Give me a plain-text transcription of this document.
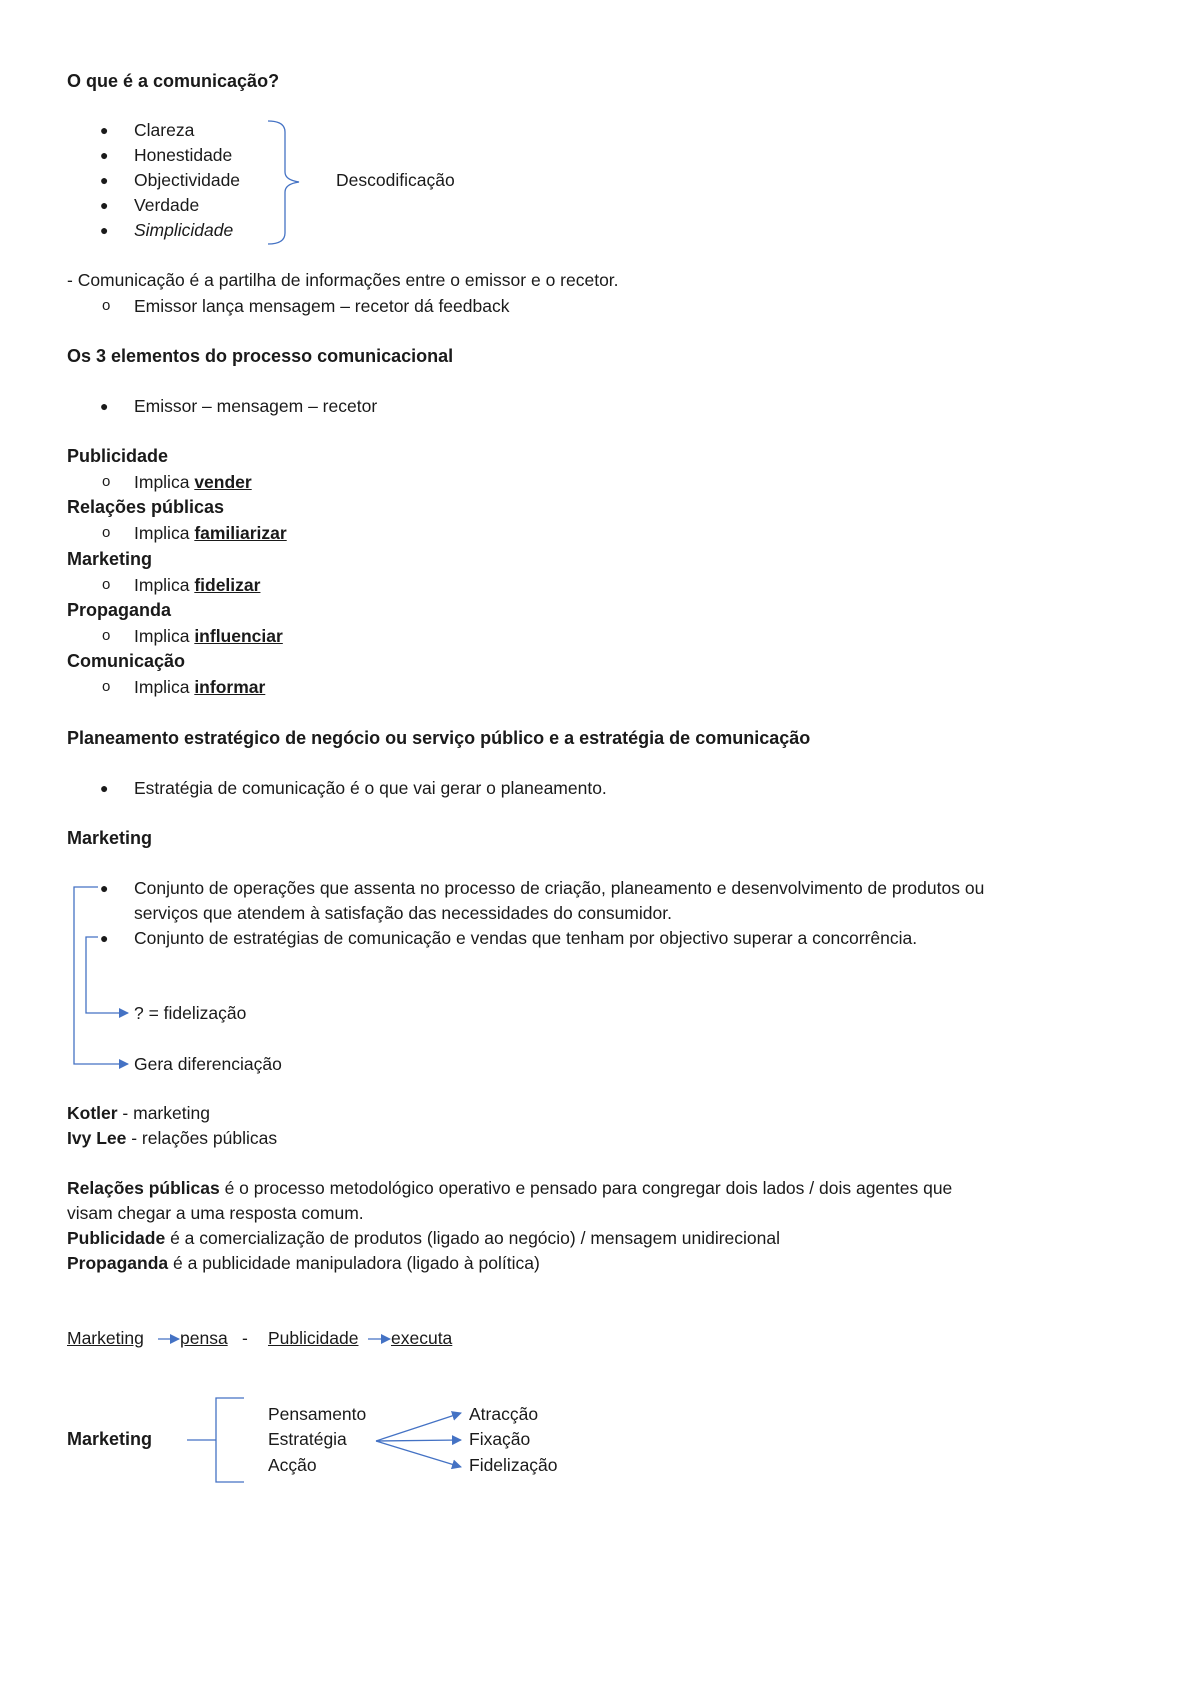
O que é a comunicação?
● Clareza
● Honestidade
● Objectividade
● Verdade
● Simplicidade
Descodificação
- Comunicação é a partilha de informações entre o emissor e o recetor.
o Emissor lança mensagem – recetor dá feedback
Os 3 elementos do processo comunicacional
● Emissor – mensagem – recetor
Publicidade
o Implica vender
Relações públicas
o Implica familiarizar
Marketing
o Implica fidelizar
Propaganda
o Implica influenciar
Comunicação
o Implica informar
Planeamento estratégico de negócio ou serviço público e a estratégia de comunicação
● Estratégia de comunicação é o que vai gerar o planeamento.
Marketing
● Conjunto de operações que assenta no processo de criação, planeamento e desenvolvimento de produtos ou
serviços que atendem à satisfação das necessidades do consumidor.
● Conjunto de estratégias de comunicação e vendas que tenham por objectivo superar a concorrência.
? = fidelização
Gera diferenciação
Kotler - marketing
Ivy Lee - relações públicas
Relações públicas é o processo metodológico operativo e pensado para congregar dois lados / dois agentes que
visam chegar a uma resposta comum.
Publicidade é a comercialização de produtos (ligado ao negócio) / mensagem unidirecional
Propaganda é a publicidade manipuladora (ligado à política)
Marketing pensa - Publicidade executa
Marketing
Pensamento
Estratégia
Acção
Atracção
Fixação
Fidelização
